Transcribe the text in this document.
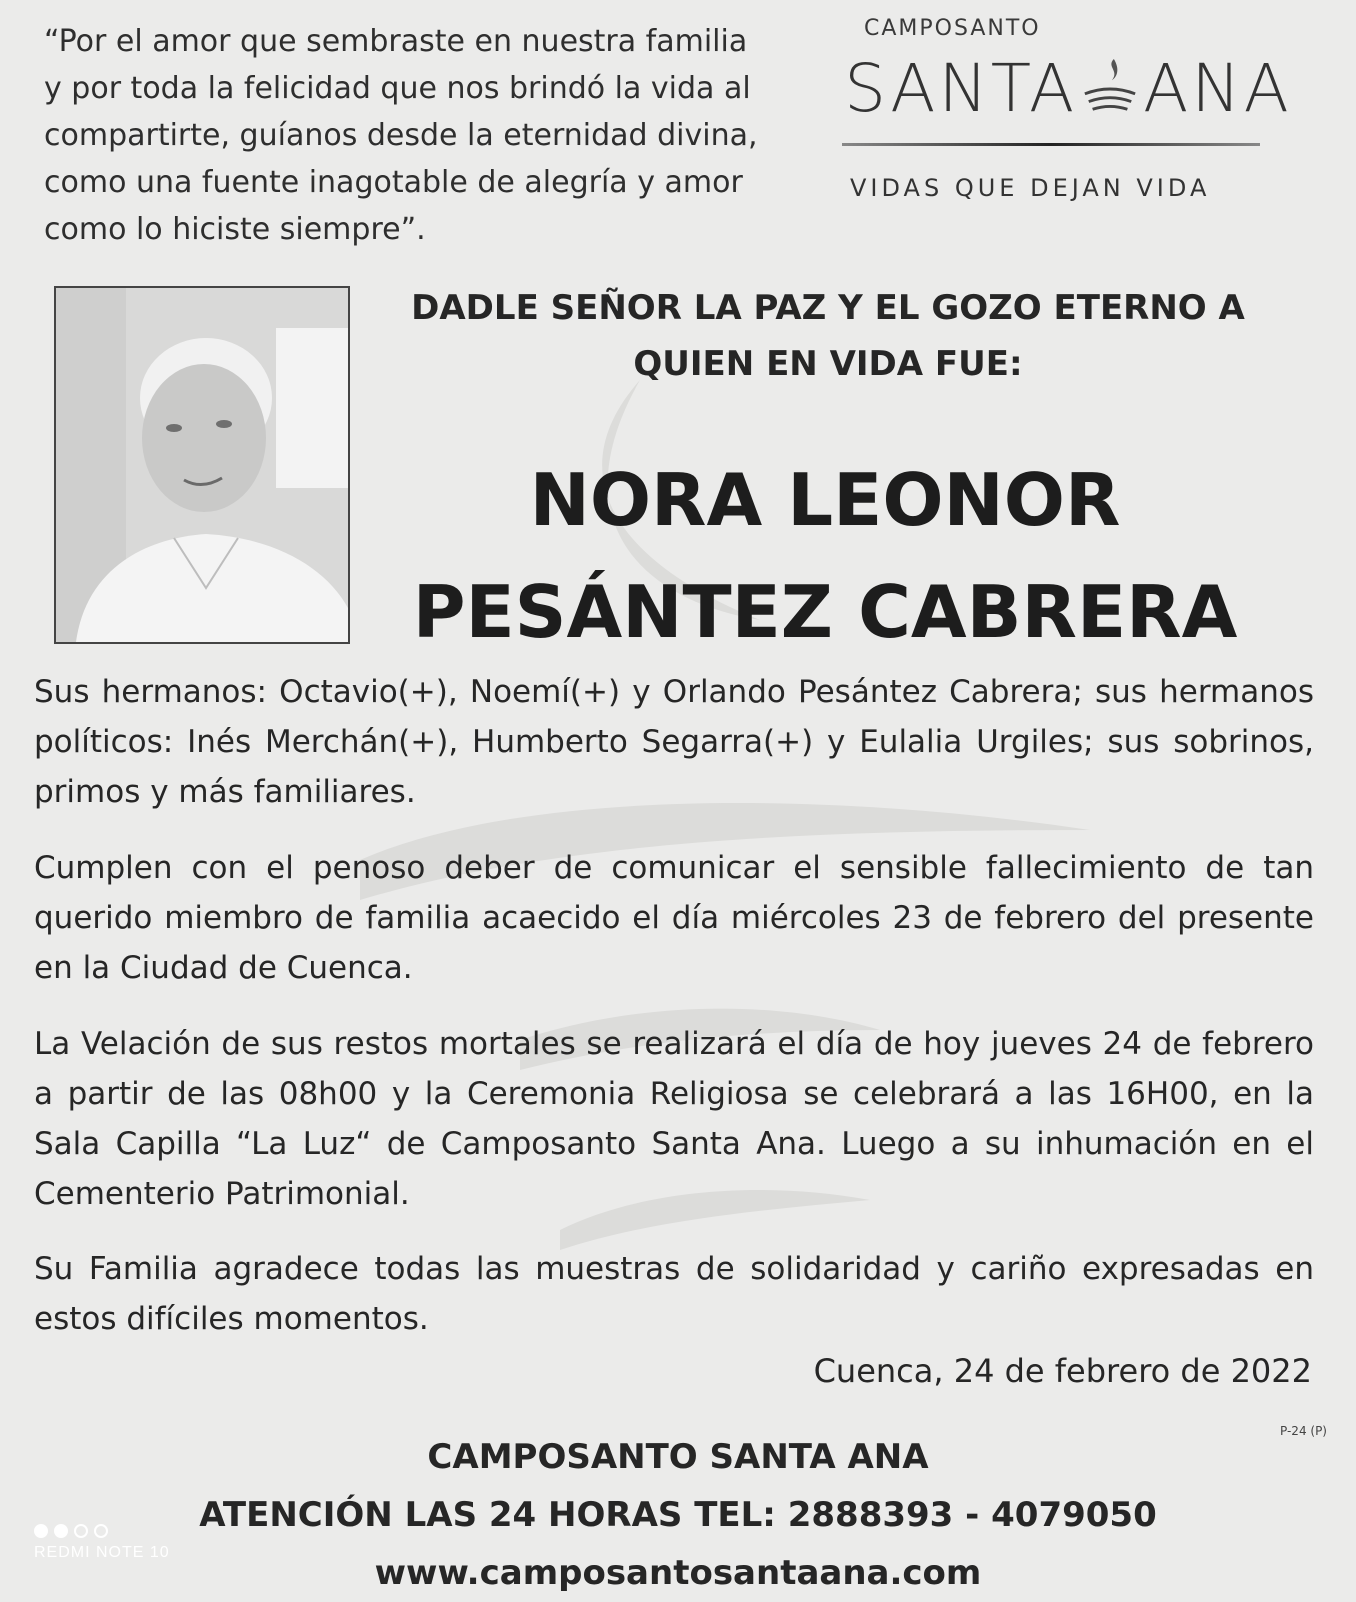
“Por el amor que sembraste en nuestra familia
y por toda la felicidad que nos brindó la vida al
compartirte, guíanos desde la eternidad divina,
como una fuente inagotable de alegría y amor
como lo hiciste siempre”.
CAMPOSANTO
SANTA ANA
VIDAS QUE DEJAN VIDA
DADLE SEÑOR LA PAZ Y EL GOZO ETERNO A
QUIEN EN VIDA FUE:
NORA LEONOR
PESÁNTEZ CABRERA
Sus hermanos: Octavio(+), Noemí(+) y Orlando Pesántez Cabrera; sus hermanos políticos: Inés Merchán(+), Humberto Segarra(+) y Eulalia Urgiles; sus sobrinos, primos y más familiares.
Cumplen con el penoso deber de comunicar el sensible fallecimiento de tan querido miembro de familia acaecido el día miércoles 23 de febrero del presente en la Ciudad de Cuenca.
La Velación de sus restos mortales se realizará el día de hoy jueves 24 de febrero a partir de las 08h00 y la Ceremonia Religiosa se celebrará a las 16H00, en la Sala Capilla “La Luz“ de Camposanto Santa Ana. Luego a su inhumación en el Cementerio Patrimonial.
Su Familia agradece todas las muestras de solidaridad y cariño expresadas en estos difíciles momentos.
Cuenca, 24 de febrero de 2022
P-24 (P)
CAMPOSANTO SANTA ANA
ATENCIÓN LAS 24 HORAS TEL: 2888393 - 4079050
www.camposantosantaana.com
REDMI NOTE 10
